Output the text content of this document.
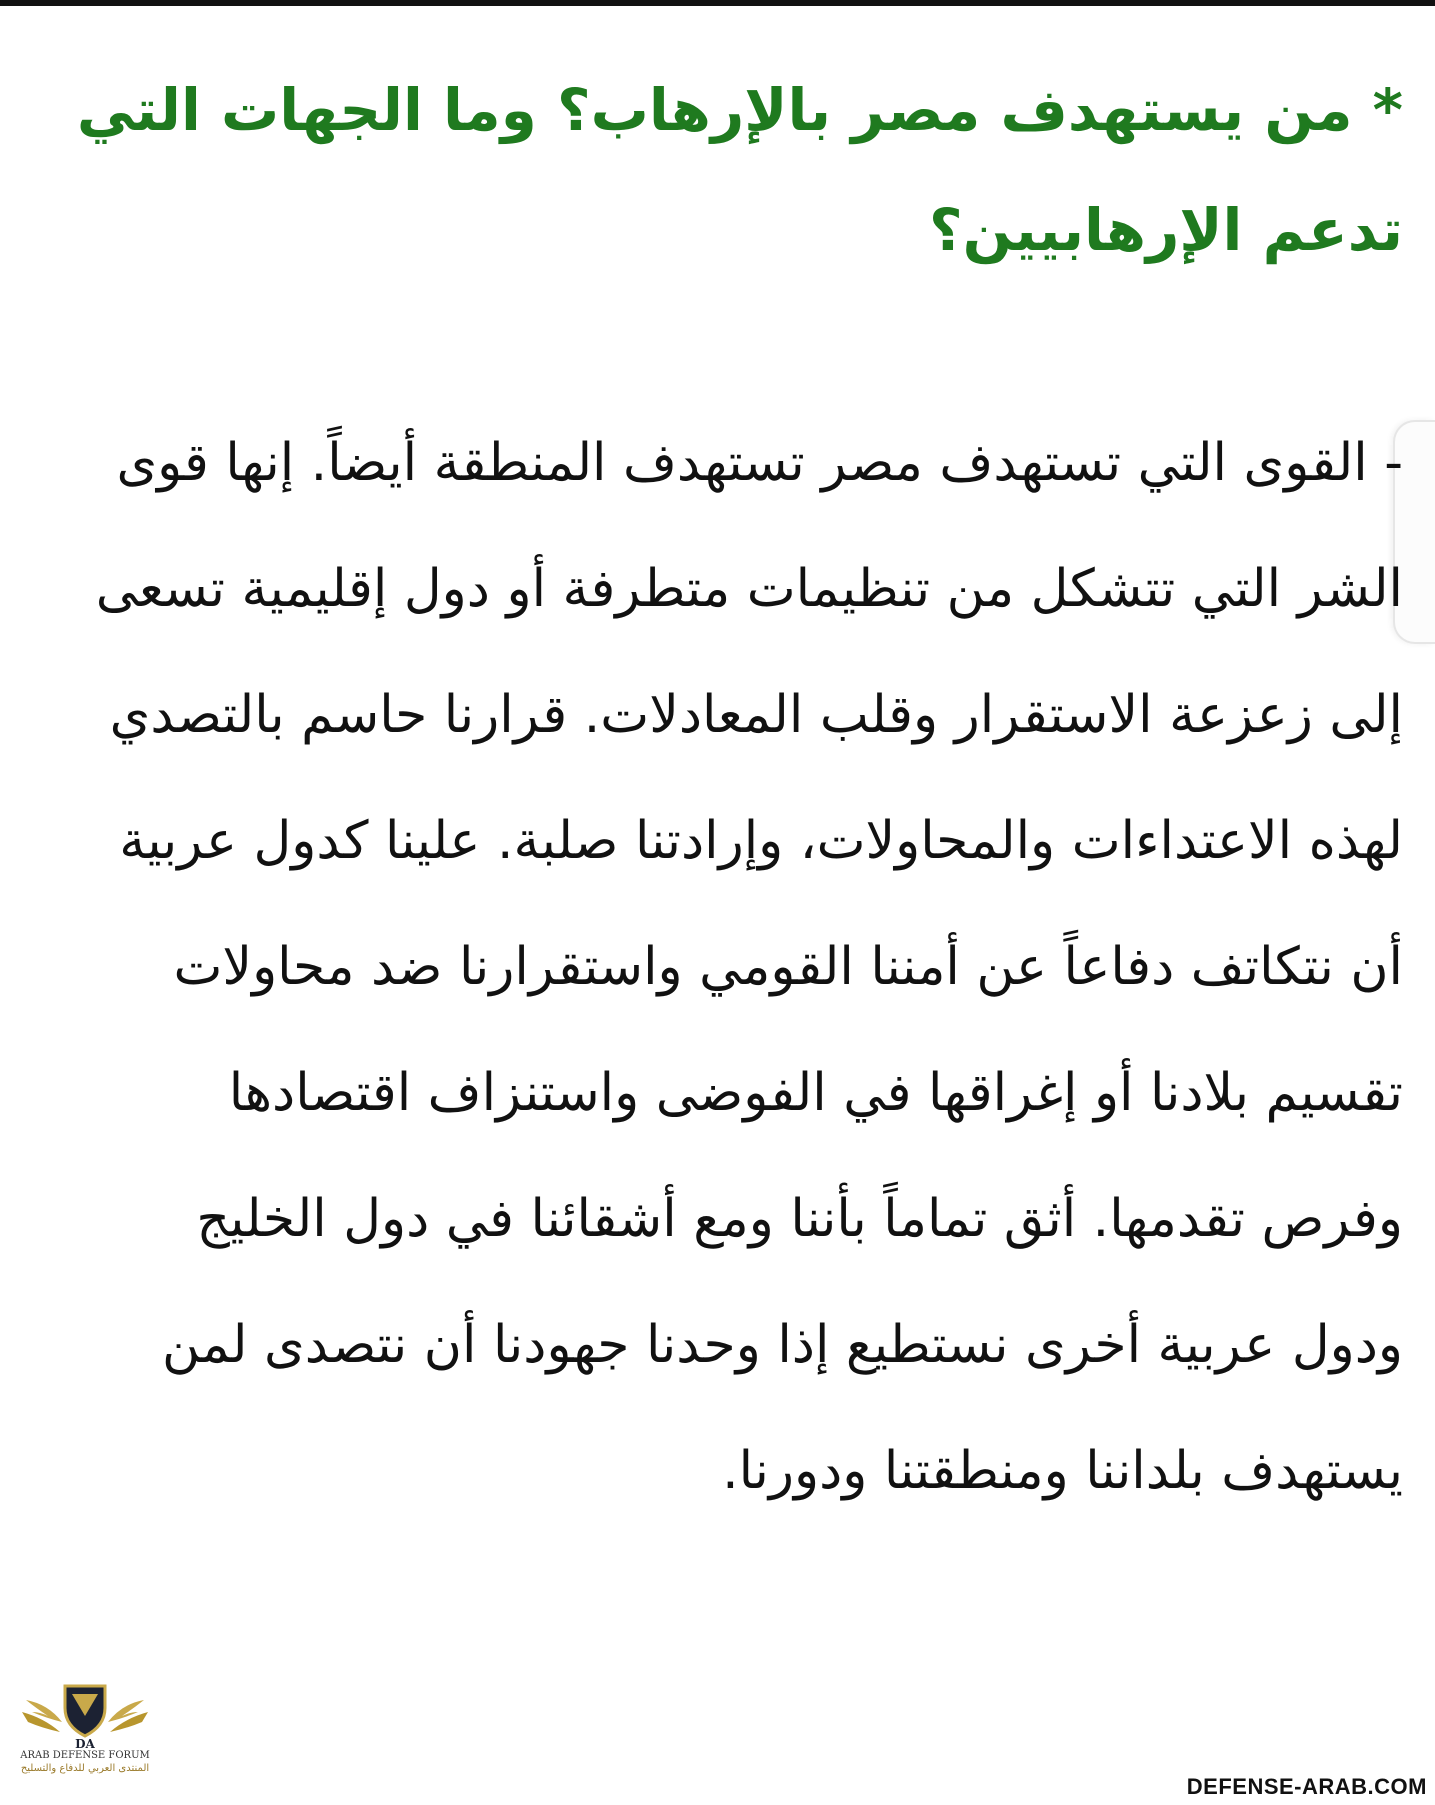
* من يستهدف مصر بالإرهاب؟ وما الجهات التي تدعم الإرهابيين؟

- القوى التي تستهدف مصر تستهدف المنطقة أيضاً. إنها قوى الشر التي تتشكل من تنظيمات متطرفة أو دول إقليمية تسعى إلى زعزعة الاستقرار وقلب المعادلات. قرارنا حاسم بالتصدي لهذه الاعتداءات والمحاولات، وإرادتنا صلبة. علينا كدول عربية أن نتكاتف دفاعاً عن أمننا القومي واستقرارنا ضد محاولات تقسيم بلادنا أو إغراقها في الفوضى واستنزاف اقتصادها وفرص تقدمها. أثق تماماً بأننا ومع أشقائنا في دول الخليج ودول عربية أخرى نستطيع إذا وحدنا جهودنا أن نتصدى لمن يستهدف بلداننا ومنطقتنا ودورنا.

DA
ARAB DEFENSE FORUM
المنتدى العربي للدفاع والتسليح
DEFENSE-ARAB.COM
